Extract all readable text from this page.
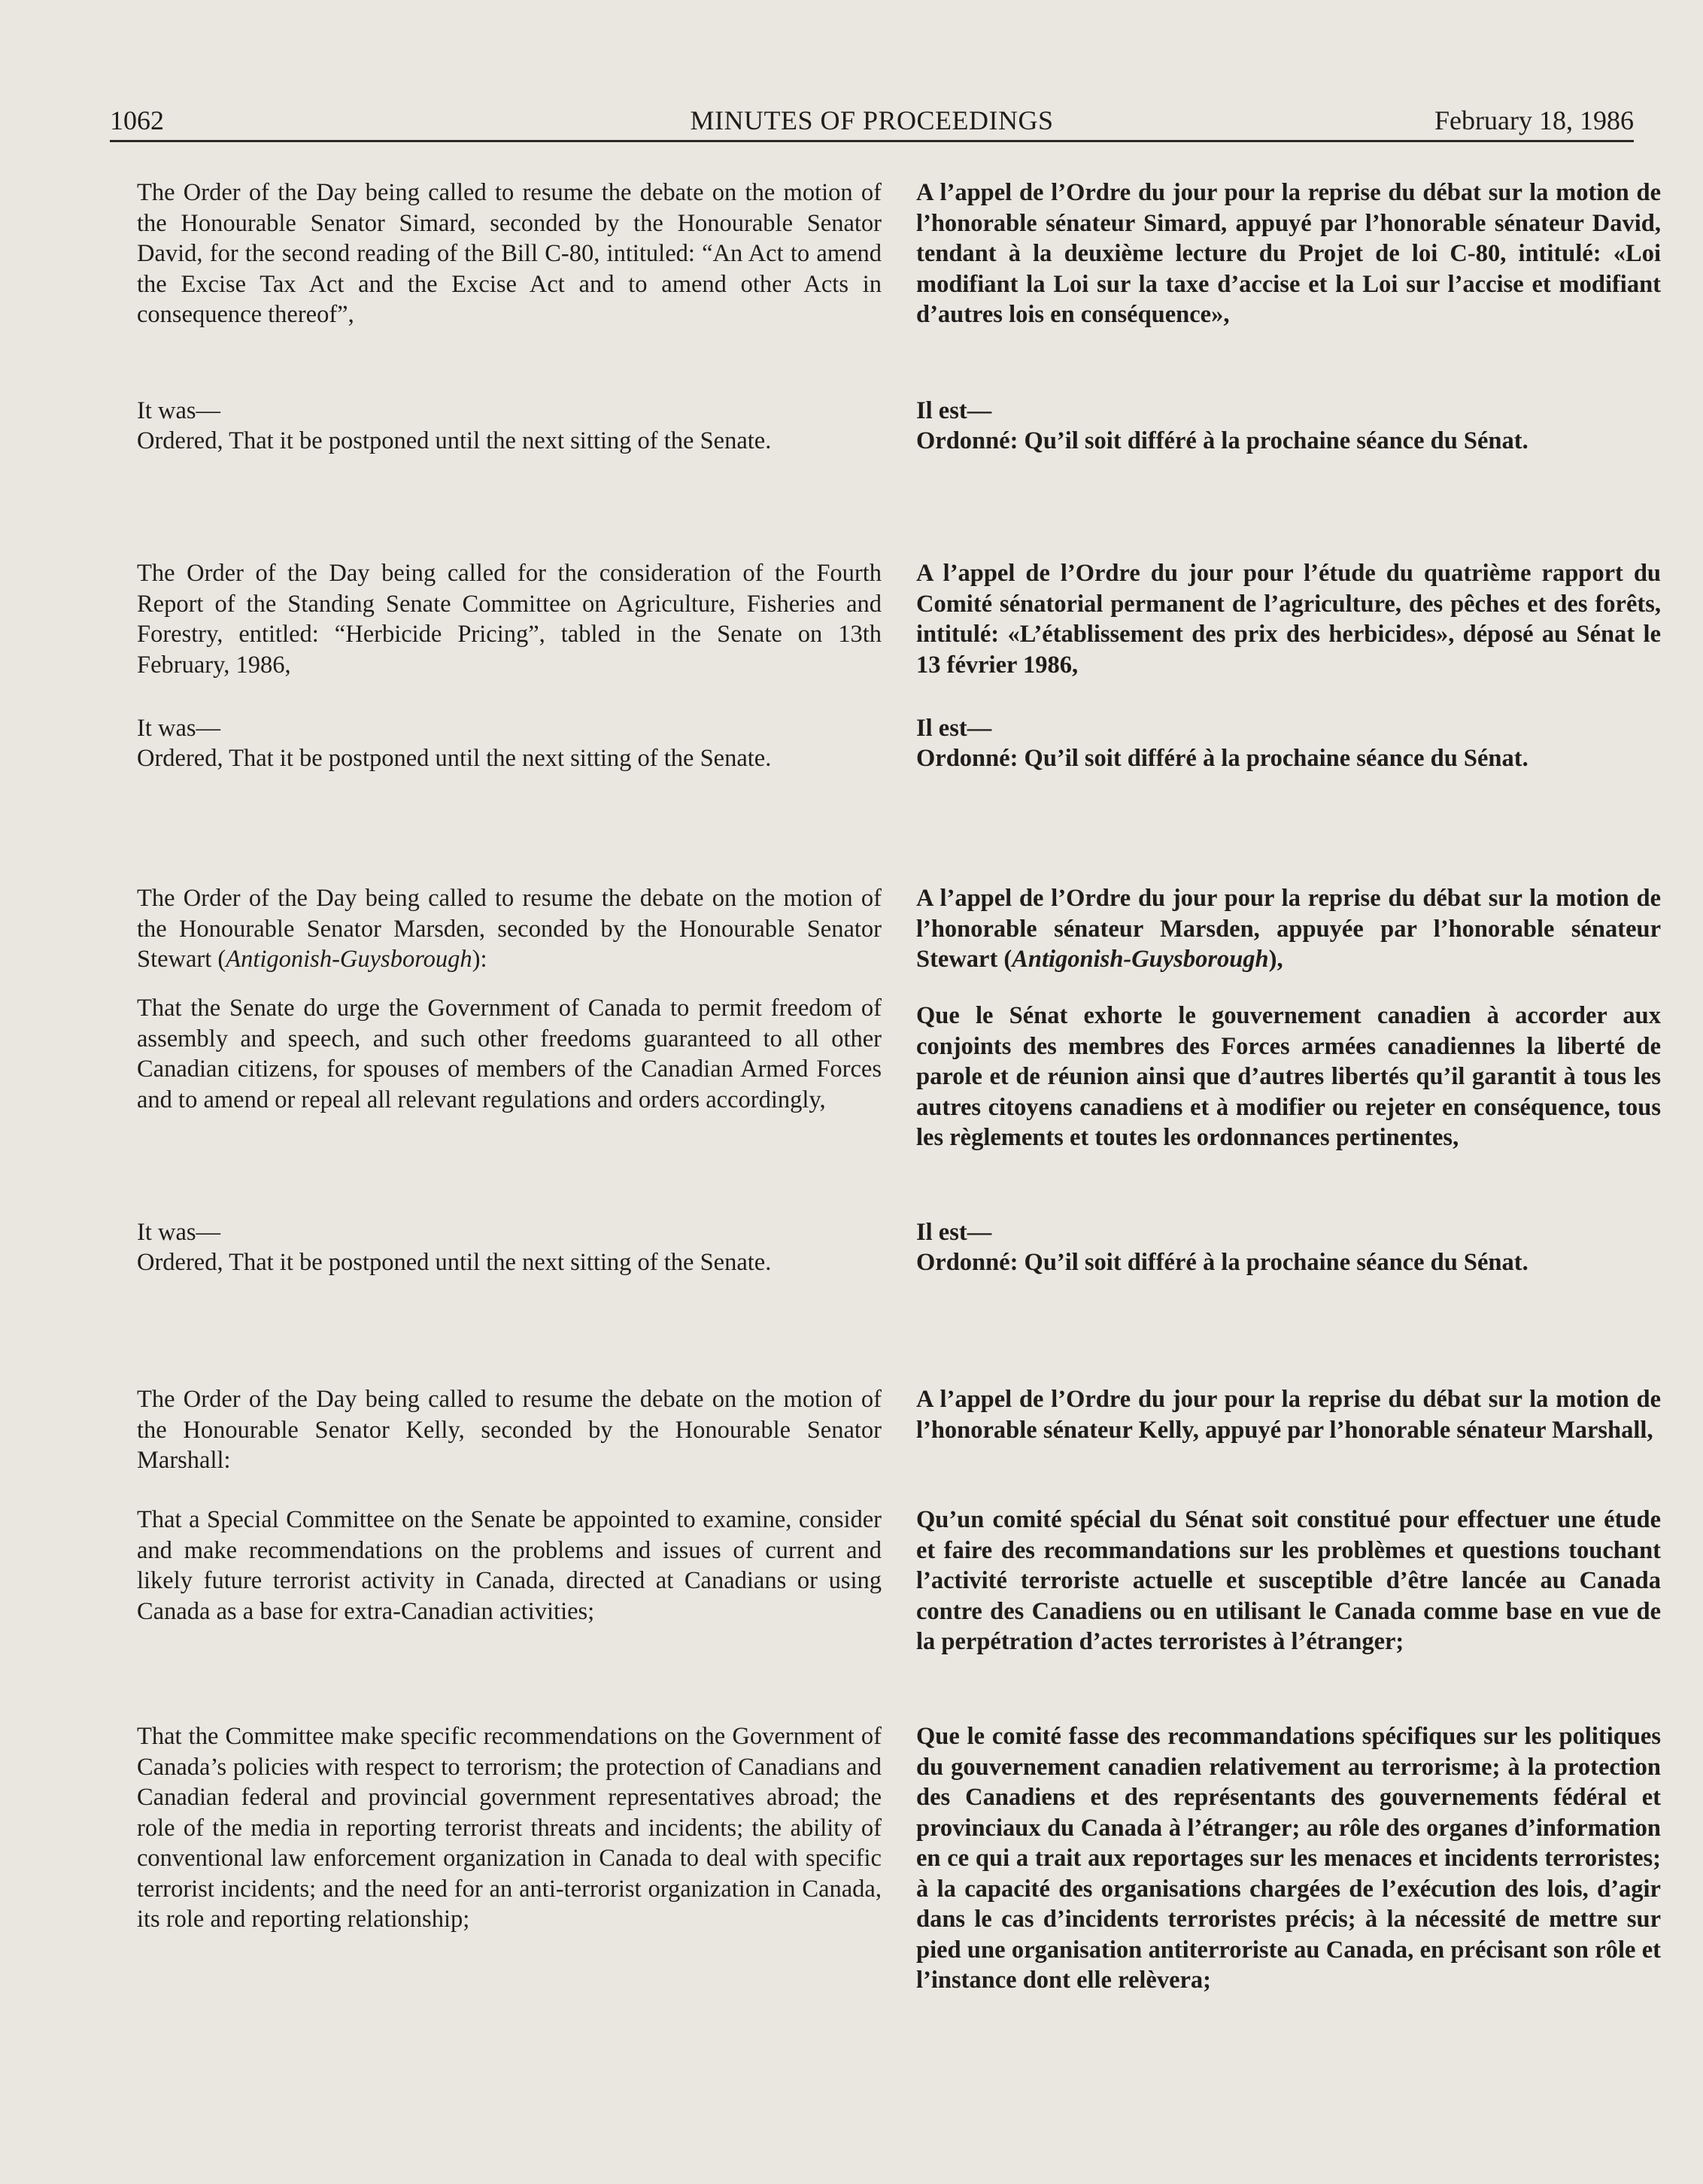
1062	MINUTES OF PROCEEDINGS	February 18, 1986

The Order of the Day being called to resume the debate on the motion of the Honourable Senator Simard, seconded by the Honourable Senator David, for the second reading of the Bill C-80, intituled: “An Act to amend the Excise Tax Act and the Excise Act and to amend other Acts in consequence thereof”,

It was—

Ordered, That it be postponed until the next sitting of the Senate.

The Order of the Day being called for the consideration of the Fourth Report of the Standing Senate Committee on Agriculture, Fisheries and Forestry, entitled: “Herbicide Pricing”, tabled in the Senate on 13th February, 1986,

It was—

Ordered, That it be postponed until the next sitting of the Senate.

The Order of the Day being called to resume the debate on the motion of the Honourable Senator Marsden, seconded by the Honourable Senator Stewart (Antigonish-Guysborough):

That the Senate do urge the Government of Canada to permit freedom of assembly and speech, and such other freedoms guaranteed to all other Canadian citizens, for spouses of members of the Canadian Armed Forces and to amend or repeal all relevant regulations and orders accordingly,

It was—

Ordered, That it be postponed until the next sitting of the Senate.

The Order of the Day being called to resume the debate on the motion of the Honourable Senator Kelly, seconded by the Honourable Senator Marshall:

That a Special Committee on the Senate be appointed to examine, consider and make recommendations on the problems and issues of current and likely future terrorist activity in Canada, directed at Canadians or using Canada as a base for extra-Canadian activities;

That the Committee make specific recommendations on the Government of Canada’s policies with respect to terrorism; the protection of Canadians and Canadian federal and provincial government representatives abroad; the role of the media in reporting terrorist threats and incidents; the ability of conventional law enforcement organization in Canada to deal with specific terrorist incidents; and the need for an anti-terrorist organization in Canada, its role and reporting relationship;

A l’appel de l’Ordre du jour pour la reprise du débat sur la motion de l’honorable sénateur Simard, appuyé par l’honorable sénateur David, tendant à la deuxième lecture du Projet de loi C-80, intitulé: «Loi modifiant la Loi sur la taxe d’accise et la Loi sur l’accise et modifiant d’autres lois en conséquence»,

Il est—

Ordonné: Qu’il soit différé à la prochaine séance du Sénat.

A l’appel de l’Ordre du jour pour l’étude du quatrième rapport du Comité sénatorial permanent de l’agriculture, des pêches et des forêts, intitulé: «L’établissement des prix des herbicides», déposé au Sénat le 13 février 1986,

Il est—

Ordonné: Qu’il soit différé à la prochaine séance du Sénat.

A l’appel de l’Ordre du jour pour la reprise du débat sur la motion de l’honorable sénateur Marsden, appuyée par l’honorable sénateur Stewart (Antigonish-Guysborough),

Que le Sénat exhorte le gouvernement canadien à accorder aux conjoints des membres des Forces armées canadiennes la liberté de parole et de réunion ainsi que d’autres libertés qu’il garantit à tous les autres citoyens canadiens et à modifier ou rejeter en conséquence, tous les règlements et toutes les ordonnances pertinentes,

Il est—

Ordonné: Qu’il soit différé à la prochaine séance du Sénat.

A l’appel de l’Ordre du jour pour la reprise du débat sur la motion de l’honorable sénateur Kelly, appuyé par l’honorable sénateur Marshall,

Qu’un comité spécial du Sénat soit constitué pour effectuer une étude et faire des recommandations sur les problèmes et questions touchant l’activité terroriste actuelle et susceptible d’être lancée au Canada contre des Canadiens ou en utilisant le Canada comme base en vue de la perpétration d’actes terroristes à l’étranger;

Que le comité fasse des recommandations spécifiques sur les politiques du gouvernement canadien relativement au terrorisme; à la protection des Canadiens et des représentants des gouvernements fédéral et provinciaux du Canada à l’étranger; au rôle des organes d’information en ce qui a trait aux reportages sur les menaces et incidents terroristes; à la capacité des organisations chargées de l’exécution des lois, d’agir dans le cas d’incidents terroristes précis; à la nécessité de mettre sur pied une organisation antiterroriste au Canada, en précisant son rôle et l’instance dont elle relèvera;
